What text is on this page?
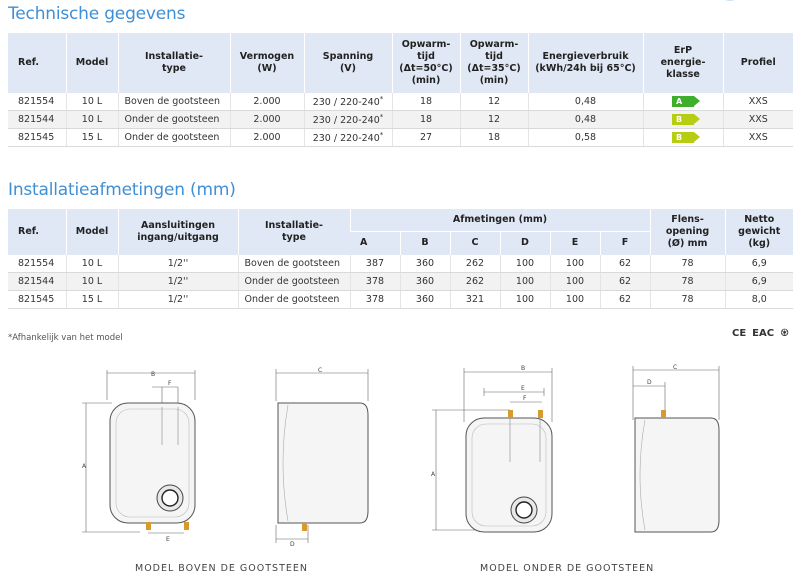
Technische gegevens
Ref.	Model	Installatie-
type	Vermogen
(W)	Spanning
(V)	Opwarm-
tijd
(Δt=50°C)
(min)	Opwarm-
tijd
(Δt=35°C)
(min)	Energieverbruik
(kWh/24h bij 65°C)	ErP
energie-
klasse	Profiel
821554	10 L	Boven de gootsteen	2.000	230 / 220-240*	18	12	0,48	A	XXS
821544	10 L	Onder de gootsteen	2.000	230 / 220-240*	18	12	0,48	B	XXS
821545	15 L	Onder de gootsteen	2.000	230 / 220-240*	27	18	0,58	B	XXS
Installatieafmetingen (mm)
Ref.	Model	Aansluitingen
ingang/uitgang	Installatie-
type	Afmetingen (mm)						Flens-
opening
(Ø) mm	Netto
gewicht
(kg)
				A	B	C	D	E	F		
821554	10 L	1/2''	Boven de gootsteen	387	360	262	100	100	62	78	6,9
821544	10 L	1/2''	Onder de gootsteen	378	360	262	100	100	62	78	6,9
821545	15 L	1/2''	Onder de gootsteen	378	360	321	100	100	62	78	8,0

*Afhankelijk van het model	CE EAC ♼
B
F
A
E
C
D
B
E
F
A
C
D

MODEL BOVEN DE GOOTSTEEN	MODEL ONDER DE GOOTSTEEN
